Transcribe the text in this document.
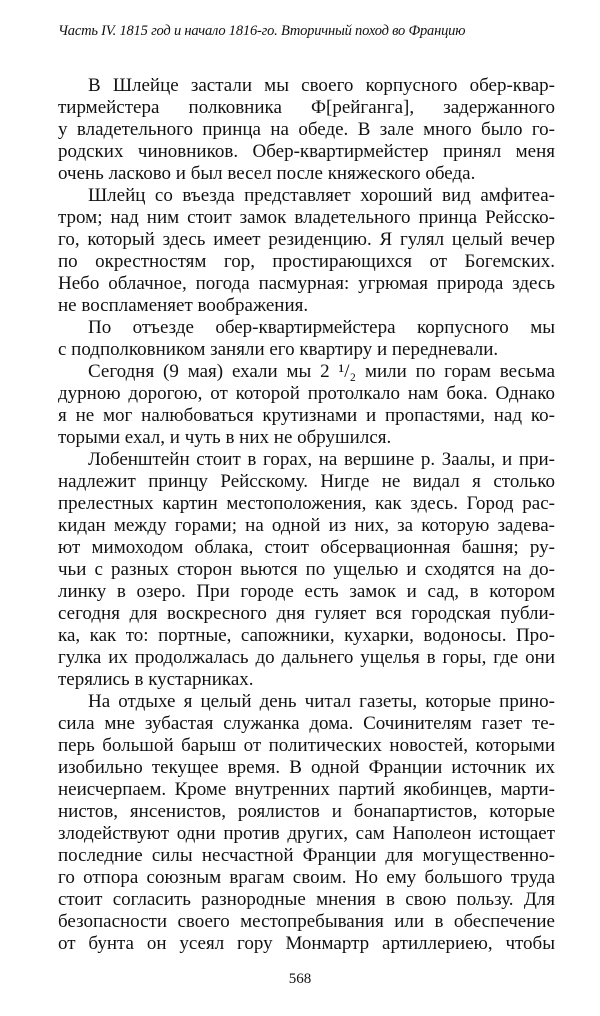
Часть IV. 1815 год и начало 1816-го. Вторичный поход во Францию
В Шлейце застали мы своего корпусного обер-квар-
тирмейстера полковника Ф[рейганга], задержанного
у владетельного принца на обеде. В зале много было го-
родских чиновников. Обер-квартирмейстер принял меня
очень ласково и был весел после княжеского обеда.
Шлейц со въезда представляет хороший вид амфитеа-
тром; над ним стоит замок владетельного принца Рейсско-
го, который здесь имеет резиденцию. Я гулял целый вечер
по окрестностям гор, простирающихся от Богемских.
Небо облачное, погода пасмурная: угрюмая природа здесь
не воспламеняет воображения.
По отъезде обер-квартирмейстера корпусного мы
с подполковником заняли его квартиру и передневали.
Сегодня (9 мая) ехали мы 2 ¹/₂ мили по горам весьма
дурною дорогою, от которой протолкало нам бока. Однако
я не мог налюбоваться крутизнами и пропастями, над ко-
торыми ехал, и чуть в них не обрушился.
Лобенштейн стоит в горах, на вершине р. Заалы, и при-
надлежит принцу Рейсскому. Нигде не видал я столько
прелестных картин местоположения, как здесь. Город рас-
кидан между горами; на одной из них, за которую задева-
ют мимоходом облака, стоит обсервационная башня; ру-
чьи с разных сторон вьются по ущелью и сходятся на до-
линку в озеро. При городе есть замок и сад, в котором
сегодня для воскресного дня гуляет вся городская публи-
ка, как то: портные, сапожники, кухарки, водоносы. Про-
гулка их продолжалась до дальнего ущелья в горы, где они
терялись в кустарниках.
На отдыхе я целый день читал газеты, которые прино-
сила мне зубастая служанка дома. Сочинителям газет те-
перь большой барыш от политических новостей, которыми
изобильно текущее время. В одной Франции источник их
неисчерпаем. Кроме внутренних партий якобинцев, марти-
нистов, янсенистов, роялистов и бонапартистов, которые
злодействуют одни против других, сам Наполеон истощает
последние силы несчастной Франции для могущественно-
го отпора союзным врагам своим. Но ему большого труда
стоит согласить разнородные мнения в свою пользу. Для
безопасности своего местопребывания или в обеспечение
от бунта он усеял гору Монмартр артиллериею, чтобы
568
